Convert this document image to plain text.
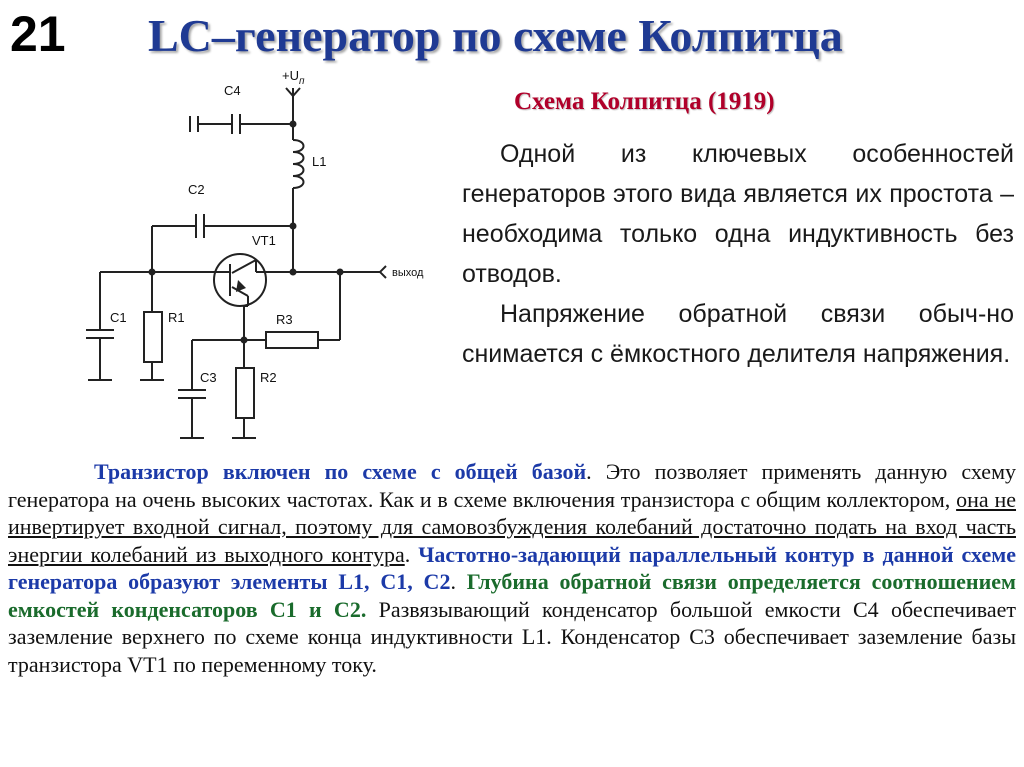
21 LC–генератор по схеме Колпитца
$+U_п$
C4
L1
C2
VT1
выход
C1	R1	R3
C3	R2
Схема Колпитца (1919)

Одной из ключевых особенностей генераторов этого вида является их простота – необходима только одна индуктивность без отводов.

Напряжение обратной связи обыч-но снимается с ёмкостного делителя напряжения.

Транзистор включен по схеме с общей базой. Это позволяет применять данную схему генератора на очень высоких частотах. Как и в схеме включения транзистора с общим коллектором, она не инвертирует входной сигнал, поэтому для самовозбуждения колебаний достаточно подать на вход часть энергии колебаний из выходного контура. Частотно-задающий параллельный контур в данной схеме генератора образуют элементы L1, C1, C2. Глубина обратной связи определяется соотношением емкостей конденсаторов C1 и C2. Развязывающий конденсатор большой емкости C4 обеспечивает заземление верхнего по схеме конца индуктивности L1. Конденсатор C3 обеспечивает заземление базы транзистора VT1 по переменному току.
